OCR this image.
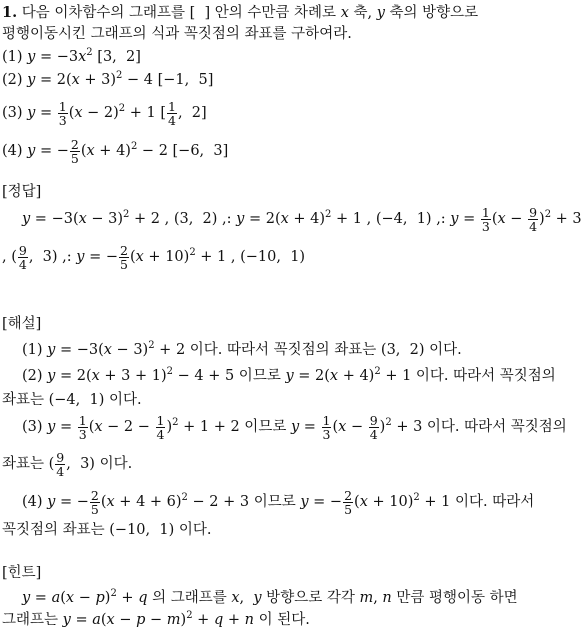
1. 다음 이차함수의 그래프를 [  ] 안의 수만큼 차례로 x 축, y 축의 방향으로
평행이동시킨 그래프의 식과 꼭짓점의 좌표를 구하여라.
(1) $y = -3x^2$ [3,  2]
(2) $y = 2(x + 3)^2 - 4$ [−1,  5]
(3) $y = \frac{1}{3} (x - 2)^2 + 1$ [ $\frac{1}{4}$ ,  2]
(4) y = − $\frac{2}{5} (x + 4)^2 - 2$ [−6,  3]
[정답]
$y = -3(x - 3)^2 + 2$ , (3,  2) ,: $y = 2(x + 4)^2 + 1$ , (−4,  1) ,: $y = \frac{1}{3} (x - \frac{9}{4} )^2 + 3$
, ( $\frac{9}{4}$ ,  3) ,: y = − $\frac{2}{5} (x + 10)^2 + 1$ , (−10,  1)
[해설]
(1) $y = -3(x - 3)^2 + 2$ 이다. 따라서 꼭짓점의 좌표는 (3,  2) 이다.
(2) $y = 2(x + 3 + 1)^2 - 4 + 5$ 이므로 $y = 2(x + 4)^2 + 1$ 이다. 따라서 꼭짓점의
좌표는 (−4,  1) 이다.
(3) $y = \frac{1}{3} (x - 2 - \frac{1}{4} )^2 + 1 + 2$ 이므로 $y = \frac{1}{3} (x - \frac{9}{4} )^2 + 3$ 이다. 따라서 꼭짓점의
좌표는 ( $\frac{9}{4}$ ,  3) 이다.
(4) y = − $\frac{2}{5} (x + 4 + 6)^2 - 2 + 3$ 이므로 y = − $\frac{2}{5} (x + 10)^2 + 1$ 이다. 따라서
꼭짓점의 좌표는 (−10,  1) 이다.
[힌트]
$y = a(x - p)^2 + q$ 의 그래프를 x,  y 방향으로 각각 m, n 만큼 평행이동 하면
그래프는 $y = a(x - p - m)^2 + q + n$ 이 된다.
